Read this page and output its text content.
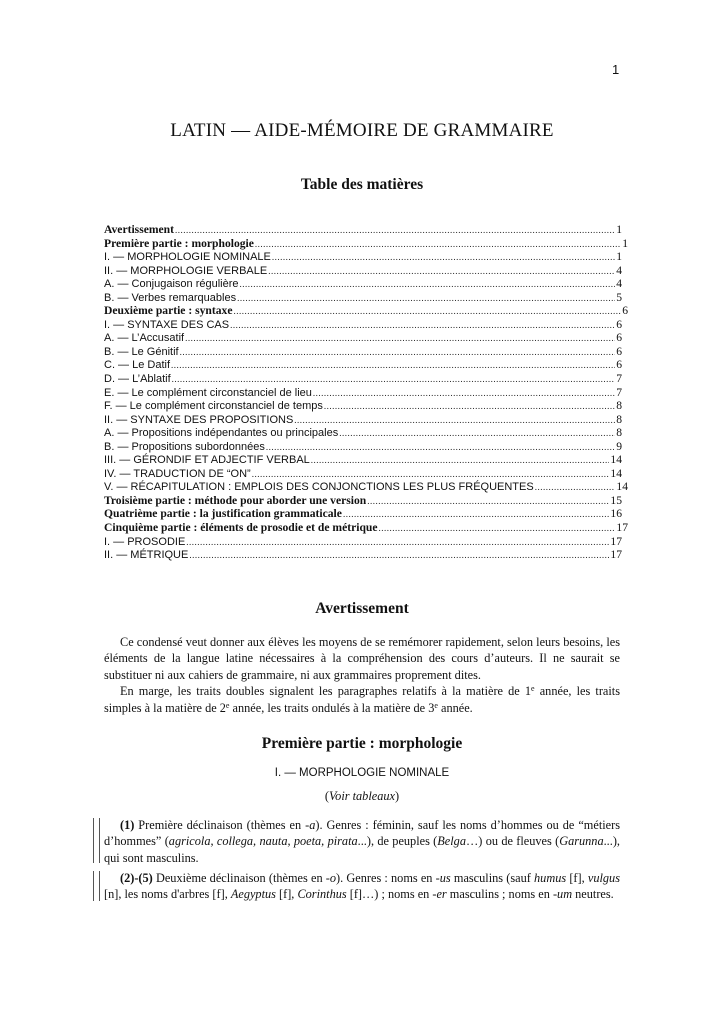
1
LATIN — AIDE-MÉMOIRE DE GRAMMAIRE
Table des matières
Avertissement .....	1
Première partie : morphologie .....	1
I. — MORPHOLOGIE NOMINALE .....	1
II. — MORPHOLOGIE VERBALE .....	4
A. — Conjugaison régulière .....	4
B. — Verbes remarquables .....	5
Deuxième partie : syntaxe .....	6
I. — SYNTAXE DES CAS .....	6
A. — L’Accusatif .....	6
B. — Le Génitif .....	6
C. — Le Datif .....	6
D. — L’Ablatif .....	7
E. — Le complément circonstanciel de lieu .....	7
F. — Le complément circonstanciel de temps .....	8
II. — SYNTAXE DES PROPOSITIONS .....	8
A. — Propositions indépendantes ou principales .....	8
B. — Propositions subordonnées .....	9
III. — GÉRONDIF ET ADJECTIF VERBAL .....	14
IV. — TRADUCTION DE “ON” .....	14
V. — RÉCAPITULATION : EMPLOIS DES CONJONCTIONS LES PLUS FRÉQUENTES .....	14
Troisième partie : méthode pour aborder une version .....	15
Quatrième partie : la justification grammaticale .....	16
Cinquième partie : éléments de prosodie et de métrique .....	17
I. — PROSODIE .....	17
II. — MÉTRIQUE .....	17
Avertissement

Ce condensé veut donner aux élèves les moyens de se remémorer rapidement, selon leurs besoins, les éléments de la langue latine nécessaires à la compréhension des cours d’auteurs. Il ne saurait se substituer ni aux cahiers de grammaire, ni aux grammaires proprement dites.

En marge, les traits doubles signalent les paragraphes relatifs à la matière de 1e année, les traits simples à la matière de 2e année, les traits ondulés à la matière de 3e année.

Première partie : morphologie
I. — MORPHOLOGIE NOMINALE
(Voir tableaux)

(1) Première déclinaison (thèmes en -a). Genres : féminin, sauf les noms d’hommes ou de “métiers d’hommes” (agricola, collega, nauta, poeta, pirata...), de peuples (Belga…) ou de fleuves (Garunna...), qui sont masculins.

(2)-(5) Deuxième déclinaison (thèmes en -o). Genres : noms en -us masculins (sauf humus [f], vulgus [n], les noms d'arbres [f], Aegyptus [f], Corinthus [f]…) ; noms en -er masculins ; noms en -um neutres.
